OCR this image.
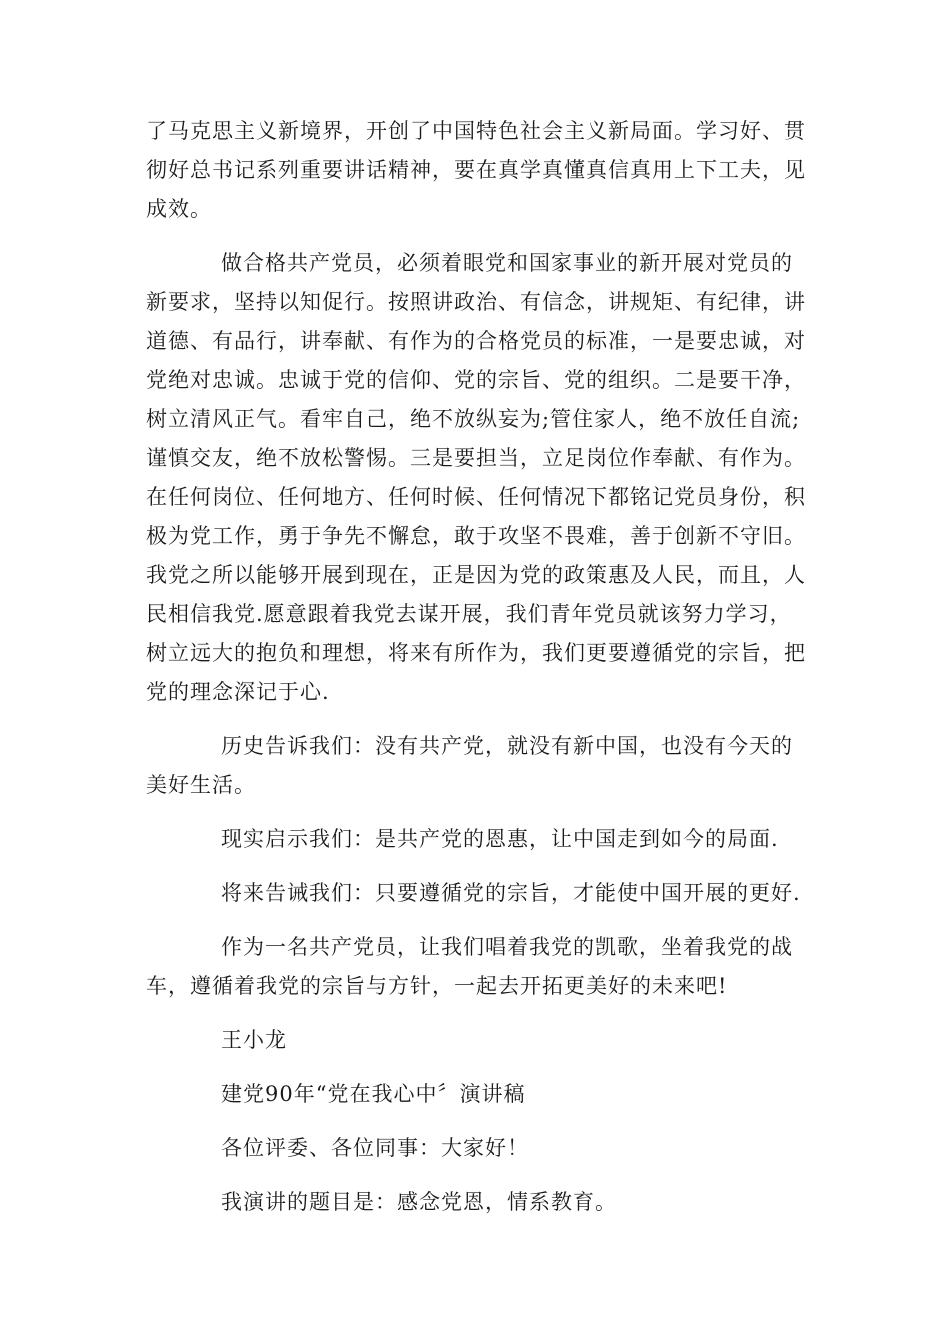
了马克思主义新境界，开创了中国特色社会主义新局面。学习好、贯彻好总书记系列重要讲话精神，要在真学真懂真信真用上下工夫，见成效。

做合格共产党员，必须着眼党和国家事业的新开展对党员的新要求，坚持以知促行。按照讲政治、有信念，讲规矩、有纪律，讲道德、有品行，讲奉献、有作为的合格党员的标准，一是要忠诚，对党绝对忠诚。忠诚于党的信仰、党的宗旨、党的组织。二是要干净，树立清风正气。看牢自己，绝不放纵妄为;管住家人，绝不放任自流;谨慎交友，绝不放松警惕。三是要担当，立足岗位作奉献、有作为。在任何岗位、任何地方、任何时候、任何情况下都铭记党员身份，积极为党工作，勇于争先不懈怠，敢于攻坚不畏难，善于创新不守旧。我党之所以能够开展到现在，正是因为党的政策惠及人民，而且，人民相信我党.愿意跟着我党去谋开展，我们青年党员就该努力学习，树立远大的抱负和理想，将来有所作为，我们更要遵循党的宗旨，把党的理念深记于心.

历史告诉我们：没有共产党，就没有新中国，也没有今天的美好生活。

现实启示我们：是共产党的恩惠，让中国走到如今的局面.

将来告诫我们：只要遵循党的宗旨，才能使中国开展的更好.

作为一名共产党员，让我们唱着我党的凯歌，坐着我党的战车，遵循着我党的宗旨与方针，一起去开拓更美好的未来吧!

王小龙

建党90年“党在我心中〞演讲稿

各位评委、各位同事：大家好！

我演讲的题目是：感念党恩，情系教育。
